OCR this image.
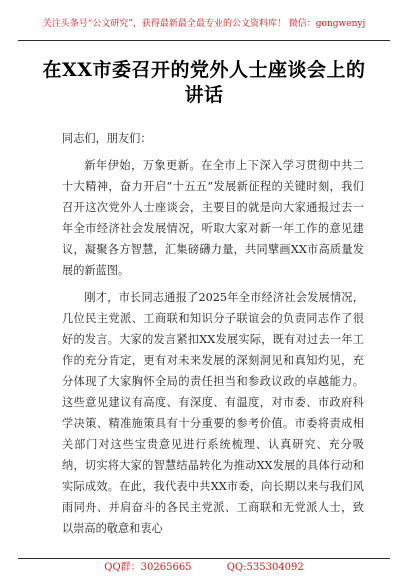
关注头条号“公文研究”，获得最新最全最专业的公文资料库！ 微信：gongwenyj
在XX市委召开的党外人士座谈会上的讲话

同志们，朋友们：

新年伊始，万象更新。在全市上下深入学习贯彻中共二十大精神，奋力开启“十五五”发展新征程的关键时刻，我们召开这次党外人士座谈会，主要目的就是向大家通报过去一年全市经济社会发展情况，听取大家对新一年工作的意见建议，凝聚各方智慧，汇集磅礴力量，共同擘画XX市高质量发展的新蓝图。

刚才，市长同志通报了2025年全市经济社会发展情况，几位民主党派、工商联和知识分子联谊会的负责同志作了很好的发言。大家的发言紧扣XX发展实际，既有对过去一年工作的充分肯定，更有对未来发展的深刻洞见和真知灼见，充分体现了大家胸怀全局的责任担当和参政议政的卓越能力。这些意见建议有高度、有深度、有温度，对市委、市政府科学决策、精准施策具有十分重要的参考价值。市委将责成相关部门对这些宝贵意见进行系统梳理、认真研究、充分吸纳，切实将大家的智慧结晶转化为推动XX发展的具体行动和实际成效。在此，我代表中共XX市委，向长期以来与我们风雨同舟、并肩奋斗的各民主党派、工商联和无党派人士，致以崇高的敬意和衷心

QQ群：30265665 QQ:535304092
